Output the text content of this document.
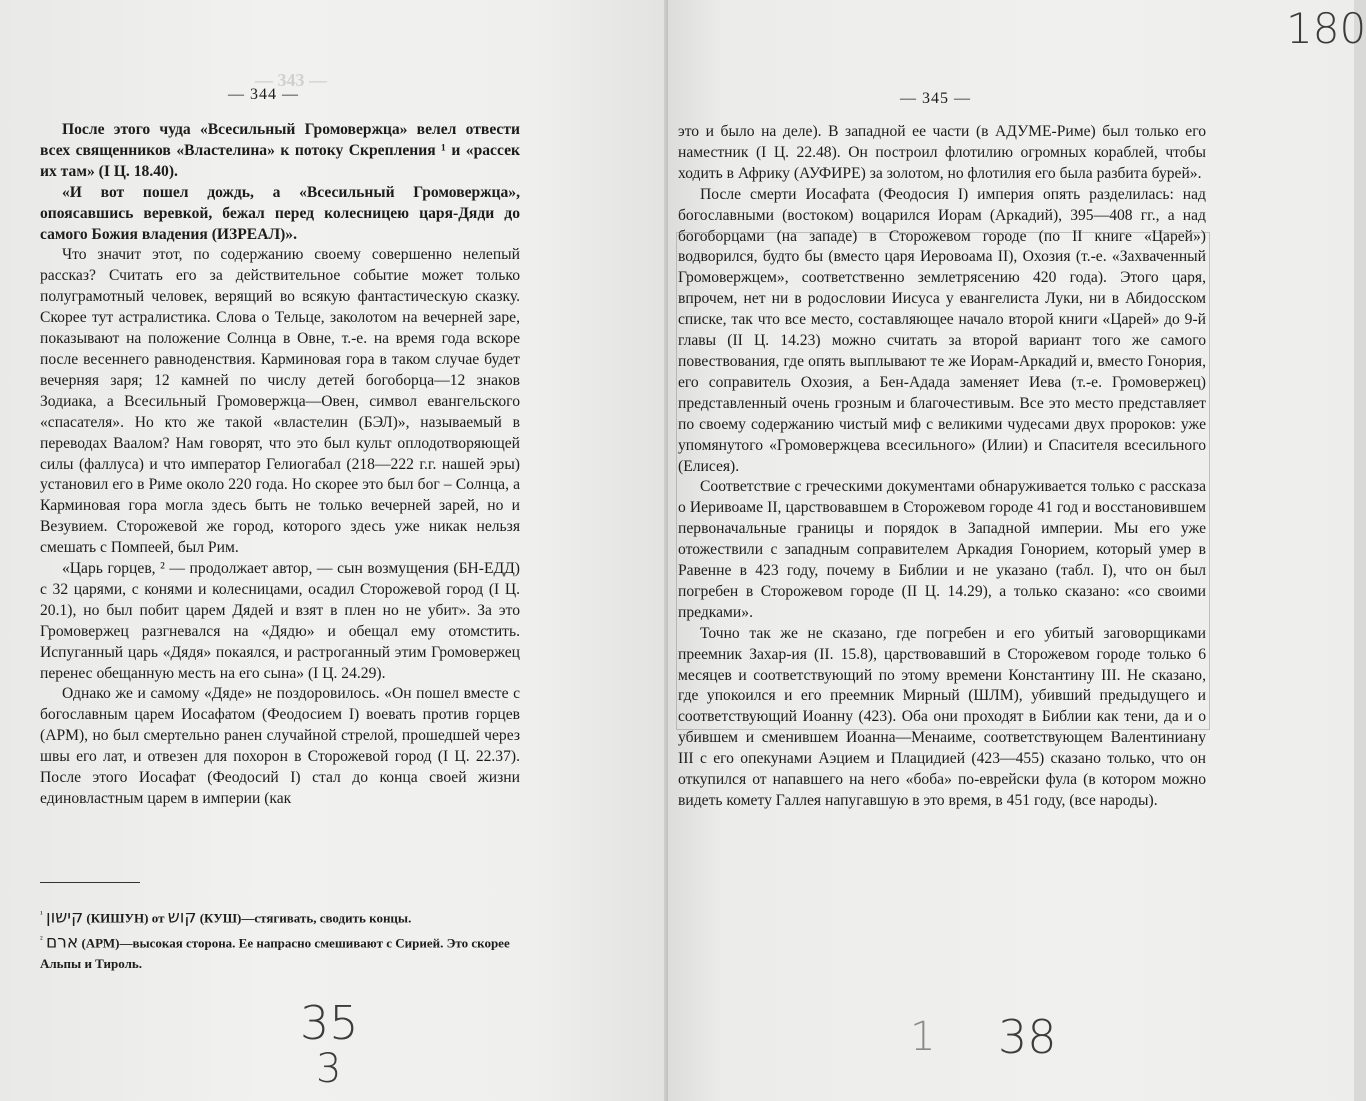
— 343 —
— 344 —

После этого чуда «Всесильный Громовержца» велел отвести всех священников «Властелина» к потоку Скрепления ¹ и «рассек их там» (I Ц. 18.40).

«И вот пошел дождь, а «Всесильный Громовержца», опоясавшись веревкой, бежал перед колесницею царя-Дяди до самого Божия владения (ИЗРЕАЛ)».

Что значит этот, по содержанию своему совершенно нелепый рассказ? Считать его за действительное событие может только полуграмотный человек, верящий во всякую фантастическую сказку. Скорее тут астралистика. Слова о Тельце, заколотом на вечерней заре, показывают на положение Солнца в Овне, т.-е. на время года вскоре после весеннего равноденствия. Карминовая гора в таком случае будет вечерняя заря; 12 камней по числу детей богоборца—12 знаков Зодиака, а Всесильный Громовержца—Овен, символ евангельского «спасателя». Но кто же такой «властелин (БЭЛ)», называемый в переводах Ваалом? Нам говорят, что это был культ оплодотворяющей силы (фаллуса) и что император Гелиогабал (218—222 г.г. нашей эры) установил его в Риме около 220 года. Но скорее это был бог – Солнца, а Карминовая гора могла здесь быть не только вечерней зарей, но и Везувием. Сторожевой же город, которого здесь уже никак нельзя смешать с Помпеей, был Рим.

«Царь горцев, ² — продолжает автор, — сын возмущения (БН-ЕДД) с 32 царями, с конями и колесницами, осадил Сторожевой город (I Ц. 20.1), но был побит царем Дядей и взят в плен но не убит». За это Громовержец разгневался на «Дядю» и обещал ему отомстить. Испуганный царь «Дядя» покаялся, и растроганный этим Громовержец перенес обещанную месть на его сына» (I Ц. 24.29).

Однако же и самому «Дяде» не поздоровилось. «Он пошел вместе с богославным царем Иосафатом (Феодосием I) воевать против горцев (АРМ), но был смертельно ранен случайной стрелой, прошедшей через швы его лат, и отвезен для похорон в Сторожевой город (I Ц. 22.37). После этого Иосафат (Феодосий I) стал до конца своей жизни единовластным царем в империи (как

$^{^1}$ קישון (КИШУН) от קוש (КУШ)—стягивать, сводить концы.
$^{^2}$ ארם (АРМ)—высокая сторона. Ее напрасно смешивают с Сирией. Это скорее Альпы и Тироль.
35
3
— 345 —

это и было на деле). В западной ее части (в АДУМЕ-Риме) был только его наместник (I Ц. 22.48). Он построил флотилию огромных кораблей, чтобы ходить в Африку (АУФИРЕ) за золотом, но флотилия его была разбита бурей».

После смерти Иосафата (Феодосия I) империя опять разделилась: над богославными (востоком) воцарился Иорам (Аркадий), 395—408 гг., а над богоборцами (на западе) в Сторожевом городе (по II книге «Царей») водворился, будто бы (вместо царя Иеровоама II), Охозия (т.-е. «Захваченный Громовержцем», соответственно землетрясению 420 года). Этого царя, впрочем, нет ни в родословии Иисуса у евангелиста Луки, ни в Абидосском списке, так что все место, составляющее начало второй книги «Царей» до 9-й главы (II Ц. 14.23) можно считать за второй вариант того же самого повествования, где опять выплывают те же Иорам-Аркадий и, вместо Гонория, его соправитель Охозия, а Бен-Адада заменяет Иева (т.-е. Громовержец) представленный очень грозным и благочестивым. Все это место представляет по своему содержанию чистый миф с великими чудесами двух пророков: уже упомянутого «Громовержцева всесильного» (Илии) и Спасителя всесильного (Елисея).

Соответствие с греческими документами обнаруживается только с рассказа о Иеривоаме II, царствовавшем в Сторожевом городе 41 год и восстановившем первоначальные границы и порядок в Западной империи. Мы его уже отожествили с западным соправителем Аркадия Гонорием, который умер в Равенне в 423 году, почему в Библии и не указано (табл. I), что он был погребен в Сторожевом городе (II Ц. 14.29), а только сказано: «со своими предками».

Точно так же не сказано, где погребен и его убитый заговорщиками преемник Захар-ия (II. 15.8), царствовавший в Сторожевом городе только 6 месяцев и соответствующий по этому времени Константину III. Не сказано, где упокоился и его преемник Мирный (ШЛМ), убивший предыдущего и соответствующий Иоанну (423). Оба они проходят в Библии как тени, да и о убившем и сменившем Иоанна—Менаиме, соответствующем Валентиниану III с его опекунами Аэцием и Плацидией (423—455) сказано только, что он откупился от напавшего на него «боба» по-еврейски фула (в котором можно видеть комету Галлея напугавшую в это время, в 451 году, (все народы).

180
38
1
